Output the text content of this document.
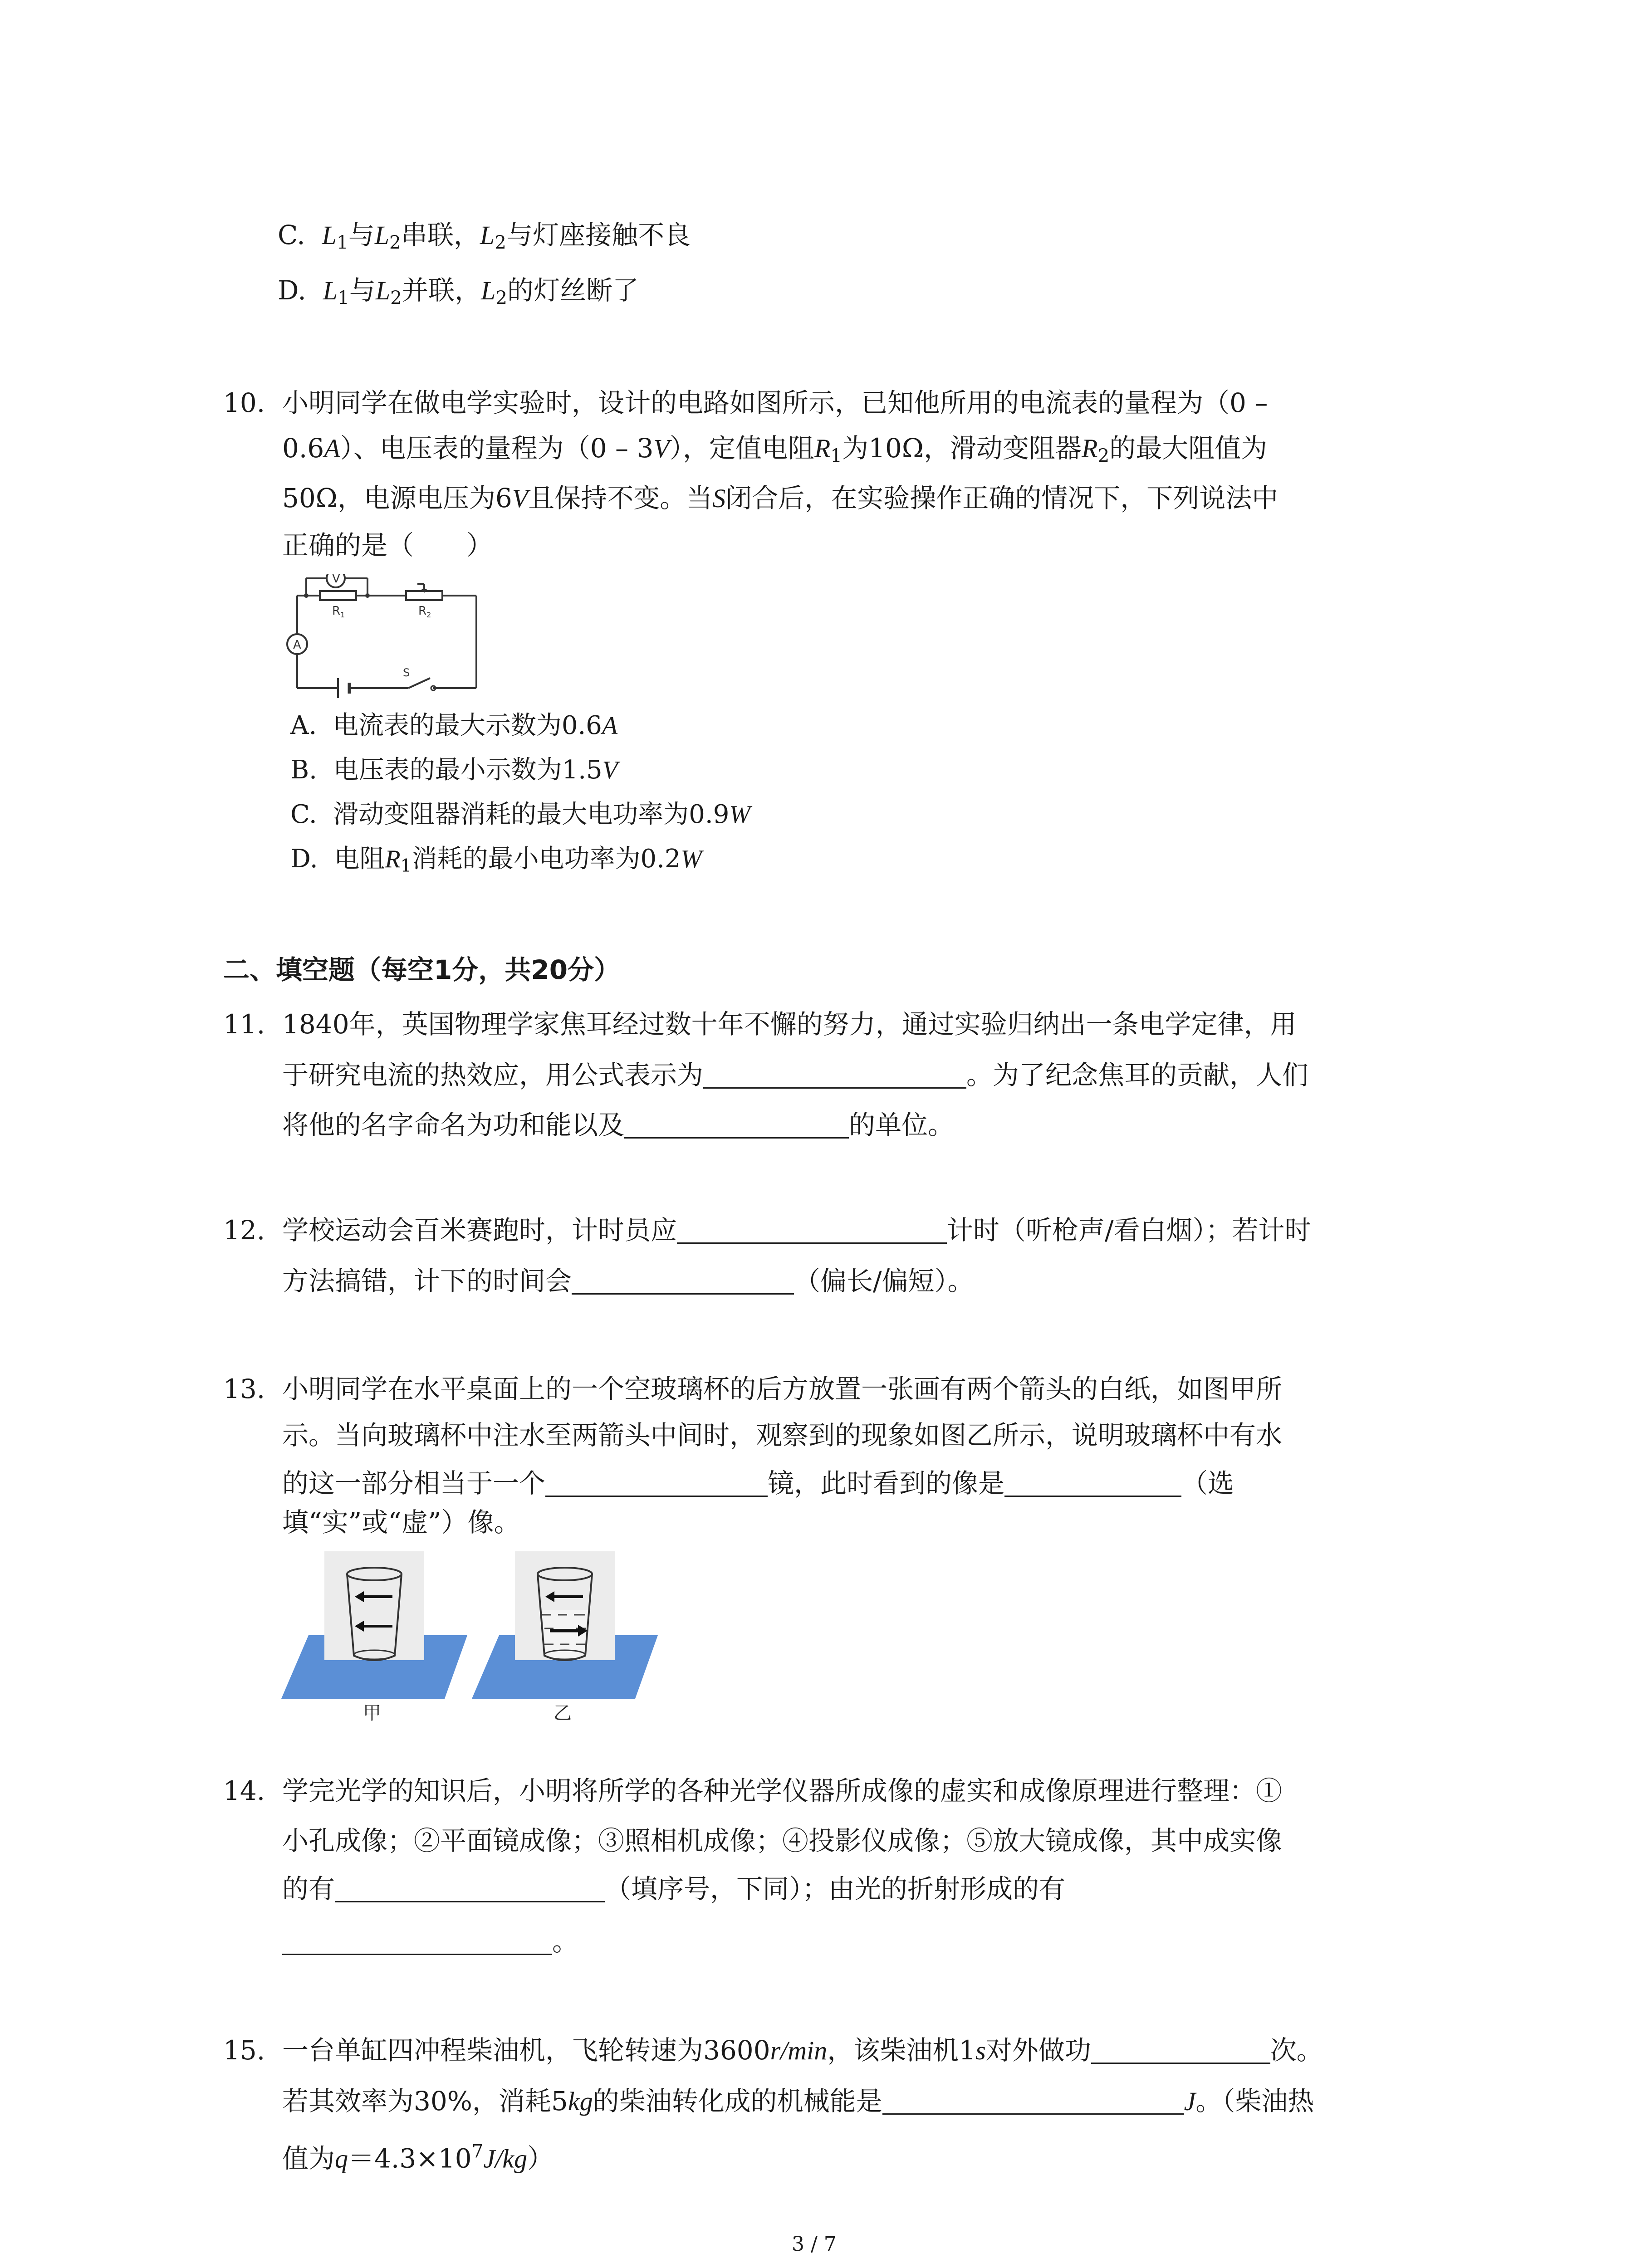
C. $L_1$与$L_2$串联，$L_2$与灯座接触不良
D. $L_1$与$L_2$并联，$L_2$的灯丝断了
10. 小明同学在做电学实验时，设计的电路如图所示，已知他所用的电流表的量程为（0 –
0.6A）、电压表的量程为（0 – 3V），定值电阻$R_1$为10Ω，滑动变阻器$R_2$的最大阻值为
50Ω，电源电压为6V且保持不变。当S闭合后，在实验操作正确的情况下，下列说法中
正确的是（　　）
V
A
$R_1$	$R_2$
S
A. 电流表的最大示数为0.6A
B. 电压表的最小示数为1.5V
C. 滑动变阻器消耗的最大电功率为0.9W
D. 电阻$R_1$消耗的最小电功率为0.2W
二、填空题（每空1分，共20分）
11. 1840年，英国物理学家焦耳经过数十年不懈的努力，通过实验归纳出一条电学定律，用
于研究电流的热效应，用公式表示为	。为了纪念焦耳的贡献，人们
将他的名字命名为功和能以及	的单位。
12. 学校运动会百米赛跑时，计时员应	计时（听枪声/看白烟）；若计时
方法搞错，计下的时间会	（偏长/偏短）。
13. 小明同学在水平桌面上的一个空玻璃杯的后方放置一张画有两个箭头的白纸，如图甲所
示。当向玻璃杯中注水至两箭头中间时，观察到的现象如图乙所示，说明玻璃杯中有水
的这一部分相当于一个	镜，此时看到的像是	（选
填“实”或“虚”）像。
甲	乙
14. 学完光学的知识后，小明将所学的各种光学仪器所成像的虚实和成像原理进行整理：①
小孔成像；②平面镜成像；③照相机成像；④投影仪成像；⑤放大镜成像，其中成实像
的有	（填序号，下同）；由光的折射形成的有
。
15. 一台单缸四冲程柴油机，飞轮转速为3600r/min，该柴油机1s对外做功	次。
若其效率为30%，消耗5kg的柴油转化成的机械能是	J。（柴油热
值为$q=4.3\times 10^7J/kg$）
3 / 7
